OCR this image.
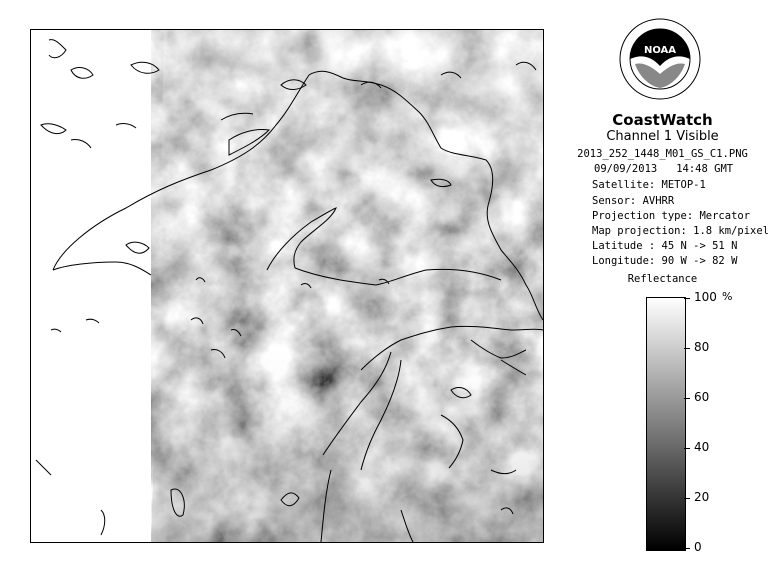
NOAA
CoastWatch
Channel 1 Visible
2013_252_1448_M01_GS_C1.PNG
09/09/2013 14:48 GMT
Satellite: METOP-1
Sensor: AVHRR
Projection type: Mercator
Map projection: 1.8 km/pixel
Latitude : 45 N -> 51 N
Longitude: 90 W -> 82 W
Reflectance
%
100
80
60
40
20
0
